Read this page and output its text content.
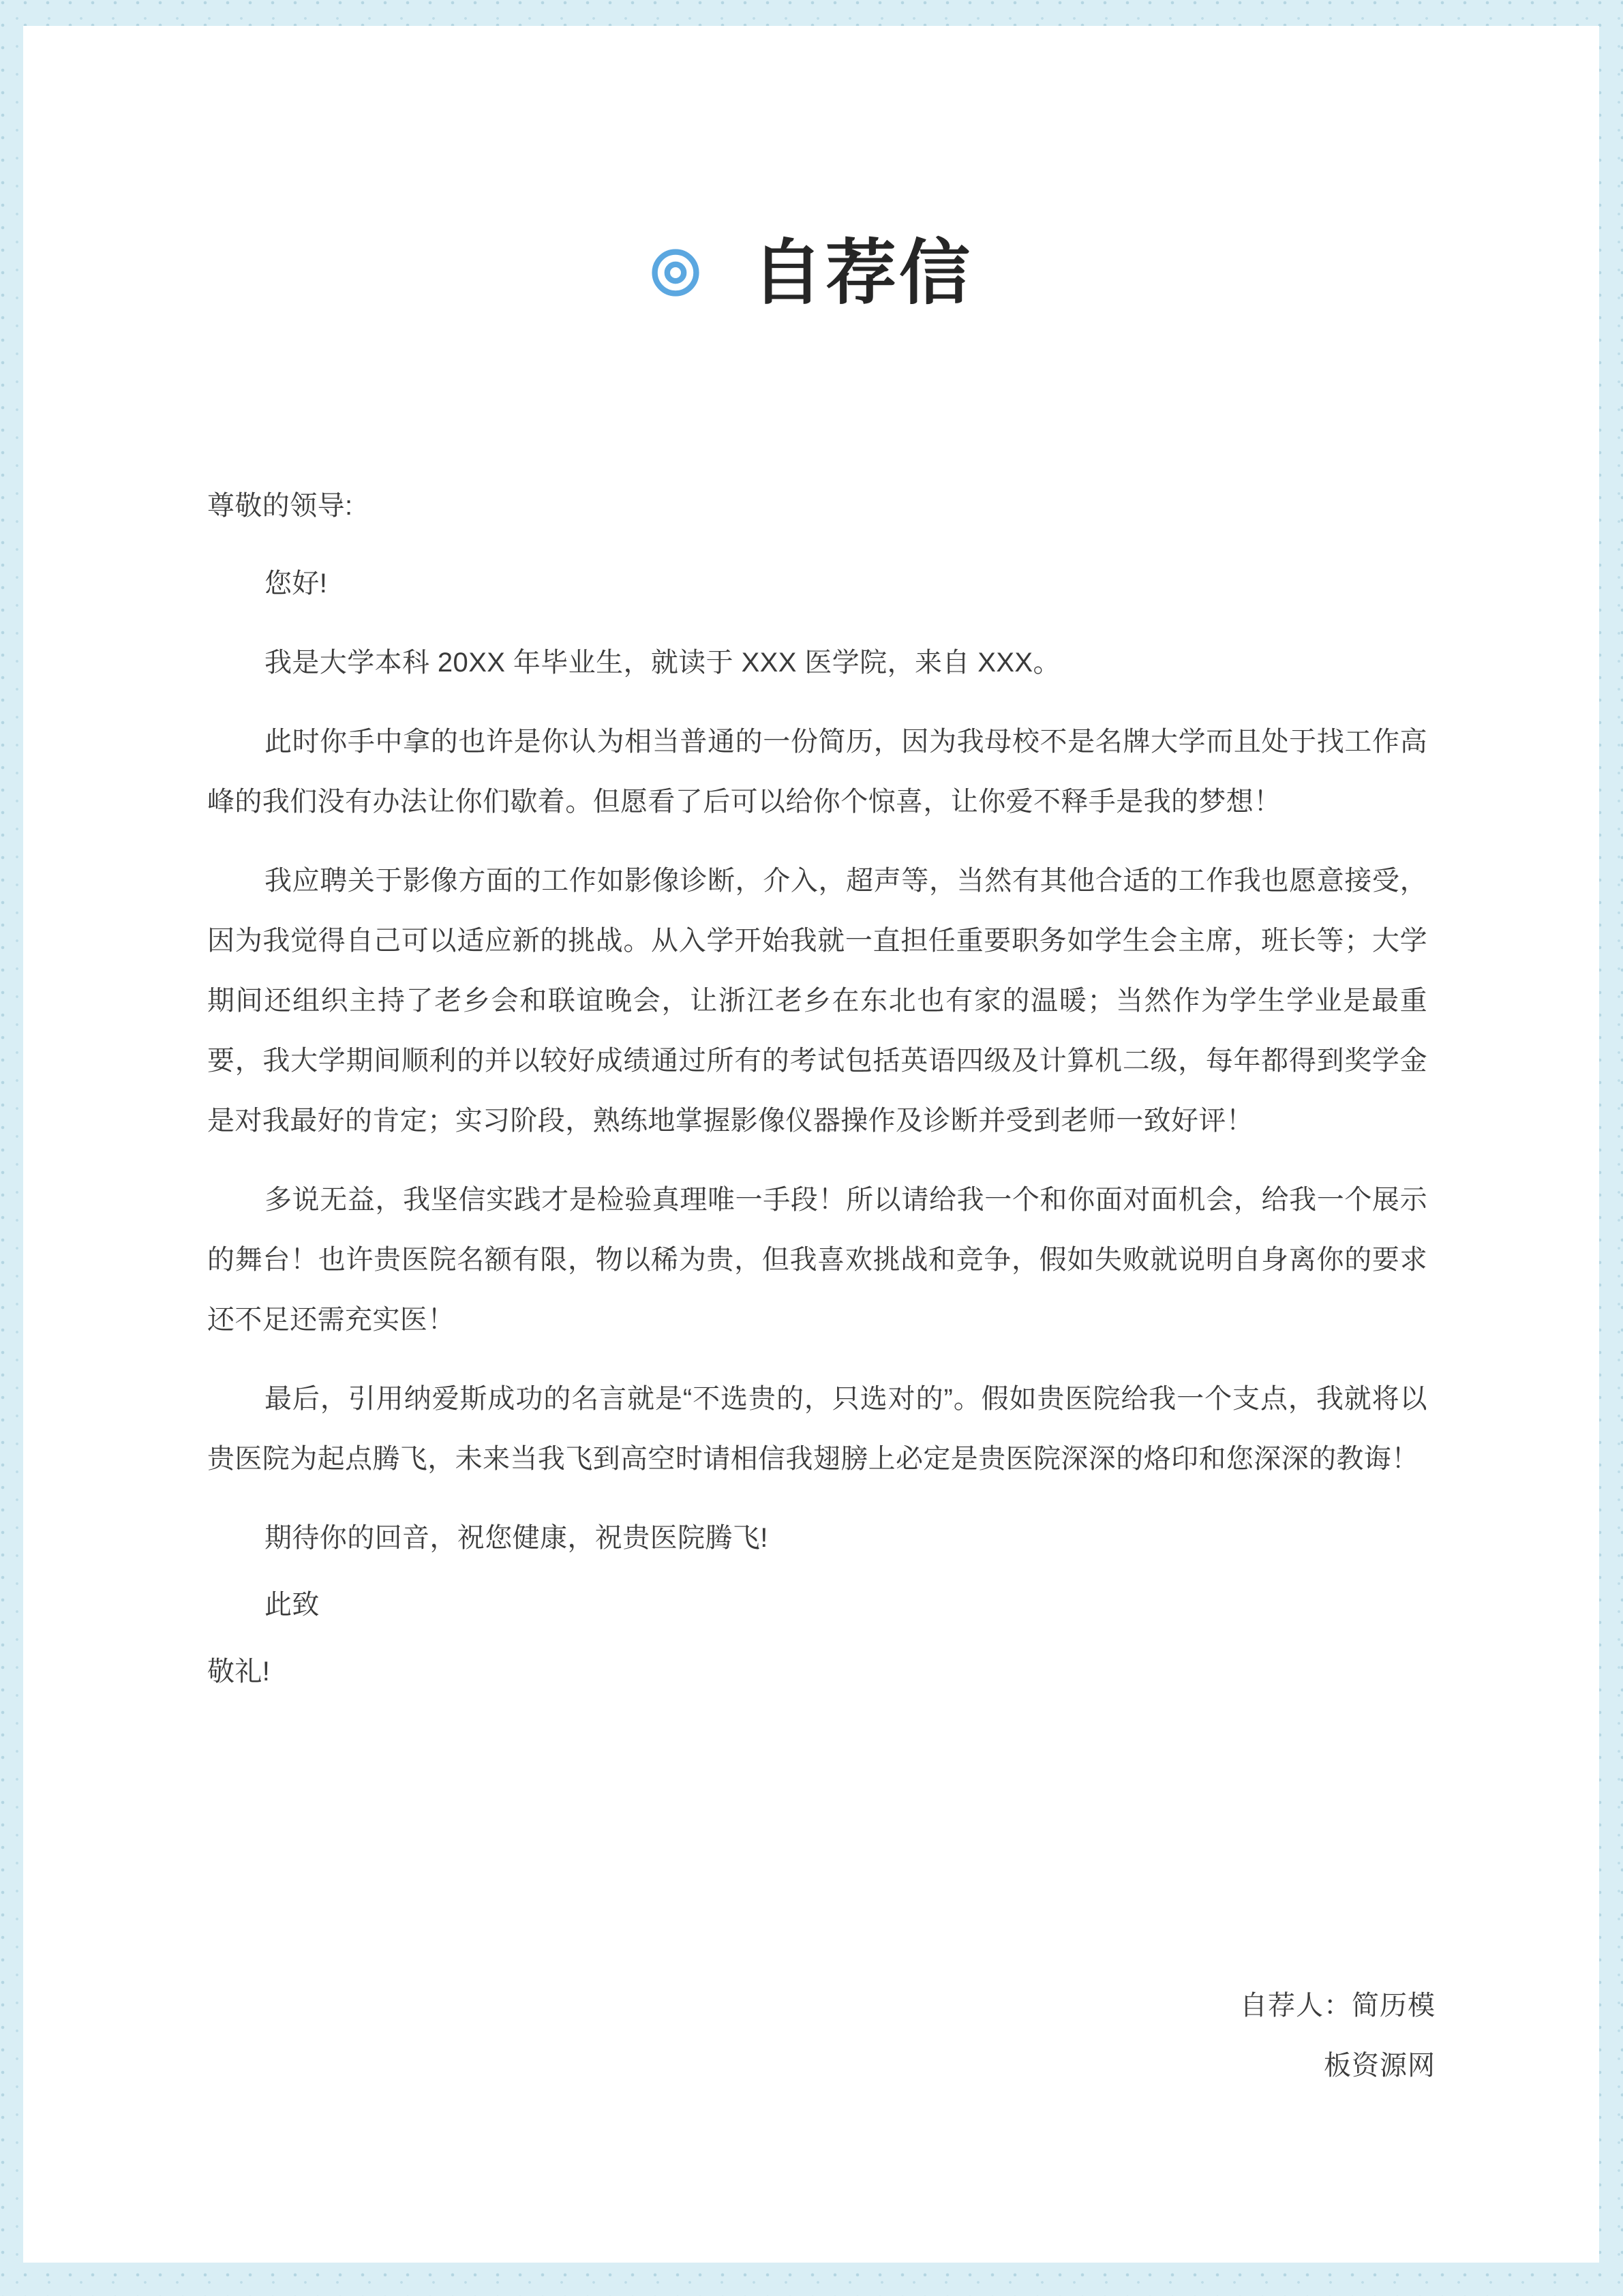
自荐信

尊敬的领导:

您好!

我是大学本科 20XX 年毕业生，就读于 XXX 医学院，来自 XXX。

此时你手中拿的也许是你认为相当普通的一份简历，因为我母校不是名牌大学而且处于找工作高峰的我们没有办法让你们歇着。但愿看了后可以给你个惊喜，让你爱不释手是我的梦想！

我应聘关于影像方面的工作如影像诊断，介入，超声等，当然有其他合适的工作我也愿意接受，因为我觉得自己可以适应新的挑战。从入学开始我就一直担任重要职务如学生会主席，班长等；大学期间还组织主持了老乡会和联谊晚会，让浙江老乡在东北也有家的温暖；当然作为学生学业是最重要，我大学期间顺利的并以较好成绩通过所有的考试包括英语四级及计算机二级，每年都得到奖学金是对我最好的肯定；实习阶段，熟练地掌握影像仪器操作及诊断并受到老师一致好评！

多说无益，我坚信实践才是检验真理唯一手段！所以请给我一个和你面对面机会，给我一个展示的舞台！也许贵医院名额有限，物以稀为贵，但我喜欢挑战和竞争，假如失败就说明自身离你的要求还不足还需充实医！

最后，引用纳爱斯成功的名言就是“不选贵的，只选对的”。假如贵医院给我一个支点，我就将以贵医院为起点腾飞，未来当我飞到高空时请相信我翅膀上必定是贵医院深深的烙印和您深深的教诲！

期待你的回音，祝您健康，祝贵医院腾飞!

此致

敬礼!

自荐人：简历模
板资源网
